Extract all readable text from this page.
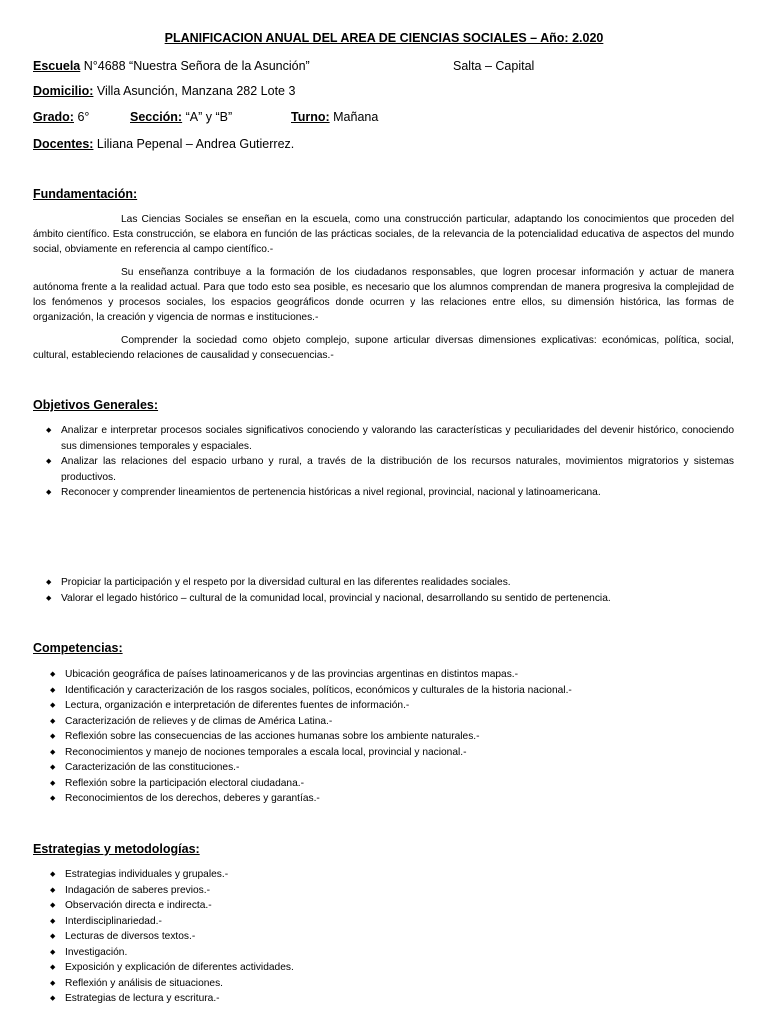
PLANIFICACION ANUAL DEL AREA DE CIENCIAS SOCIALES – Año: 2.020
Escuela N°4688 “Nuestra Señora de la Asunción”	Salta – Capital
Domicilio: Villa Asunción, Manzana 282 Lote 3
Grado: 6°	Sección: “A” y “B”	Turno: Mañana
Docentes: Liliana Pepenal – Andrea Gutierrez.
Fundamentación:

Las Ciencias Sociales se enseñan en la escuela, como una construcción particular, adaptando los conocimientos que proceden del ámbito científico. Esta construcción, se elabora en función de las prácticas sociales, de la relevancia de la potencialidad educativa de aspectos del mundo social, obviamente en referencia al campo científico.-

Su enseñanza contribuye a la formación de los ciudadanos responsables, que logren procesar información y actuar de manera autónoma frente a la realidad actual. Para que todo esto sea posible, es necesario que los alumnos comprendan de manera progresiva la complejidad de los fenómenos y procesos sociales, los espacios geográficos donde ocurren y las relaciones entre ellos, su dimensión histórica, las formas de organización, la creación y vigencia de normas e instituciones.-

Comprender la sociedad como objeto complejo, supone articular diversas dimensiones explicativas: económicas, política, social, cultural, estableciendo relaciones de causalidad y consecuencias.-

Objetivos Generales:
◆ Analizar e interpretar procesos sociales significativos conociendo y valorando las características y peculiaridades del devenir histórico, conociendo sus dimensiones temporales y espaciales.
◆ Analizar las relaciones del espacio urbano y rural, a través de la distribución de los recursos naturales, movimientos migratorios y sistemas productivos.
◆ Reconocer y comprender lineamientos de pertenencia históricas a nivel regional, provincial, nacional y latinoamericana.
◆ Propiciar la participación y el respeto por la diversidad cultural en las diferentes realidades sociales.
◆ Valorar el legado histórico – cultural de la comunidad local, provincial y nacional, desarrollando su sentido de pertenencia.
Competencias:
◆ Ubicación geográfica de países latinoamericanos y de las provincias argentinas en distintos mapas.-
◆ Identificación y caracterización de los rasgos sociales, políticos, económicos y culturales de la historia nacional.-
◆ Lectura, organización e interpretación de diferentes fuentes de información.-
◆ Caracterización de relieves y de climas de América Latina.-
◆ Reflexión sobre las consecuencias de las acciones humanas sobre los ambiente naturales.-
◆ Reconocimientos y manejo de nociones temporales a escala local, provincial y nacional.-
◆ Caracterización de las constituciones.-
◆ Reflexión sobre la participación electoral ciudadana.-
◆ Reconocimientos de los derechos, deberes y garantías.-
Estrategias y metodologías:
◆ Estrategias individuales y grupales.-
◆ Indagación de saberes previos.-
◆ Observación directa e indirecta.-
◆ Interdisciplinariedad.-
◆ Lecturas de diversos textos.-
◆ Investigación.
◆ Exposición y explicación de diferentes actividades.
◆ Reflexión y análisis de situaciones.
◆ Estrategias de lectura y escritura.-
